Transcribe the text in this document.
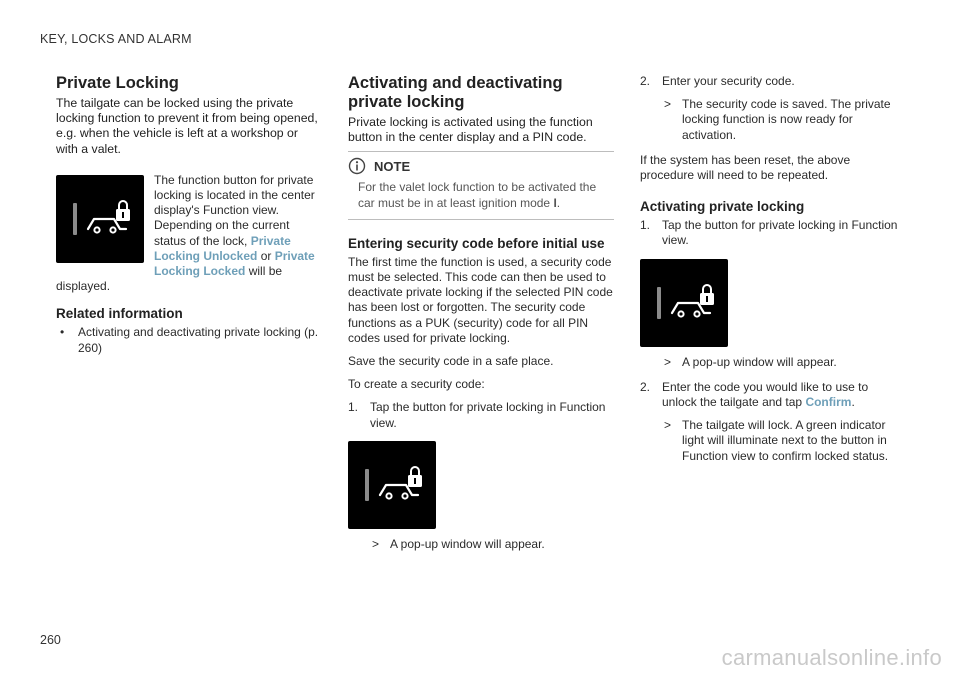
KEY, LOCKS AND ALARM
Private Locking

The tailgate can be locked using the private locking function to prevent it from being opened, e.g. when the vehicle is left at a workshop or with a valet.

The function button for private locking is located in the center display's Function view. Depending on the current status of the lock, Private Locking Unlocked or Private Locking Locked will be displayed.

Related information
• Activating and deactivating private locking (p. 260)
Activating and deactivating private locking

Private locking is activated using the function button in the center display and a PIN code.

NOTE

For the valet lock function to be activated the car must be in at least ignition mode I.

Entering security code before initial use

The first time the function is used, a security code must be selected. This code can then be used to deactivate private locking if the selected PIN code has been lost or forgotten. The security code functions as a PUK (security) code for all PIN codes used for private locking.

Save the security code in a safe place.

To create a security code:

1. Tap the button for private locking in Function view.
> A pop-up window will appear.
2. Enter your security code.
> The security code is saved. The private locking function is now ready for activation.

If the system has been reset, the above procedure will need to be repeated.

Activating private locking
1. Tap the button for private locking in Function view.
> A pop-up window will appear.
2. Enter the code you would like to use to unlock the tailgate and tap Confirm.
> The tailgate will lock. A green indicator light will illuminate next to the button in Function view to confirm locked status.
260
carmanualsonline.info
